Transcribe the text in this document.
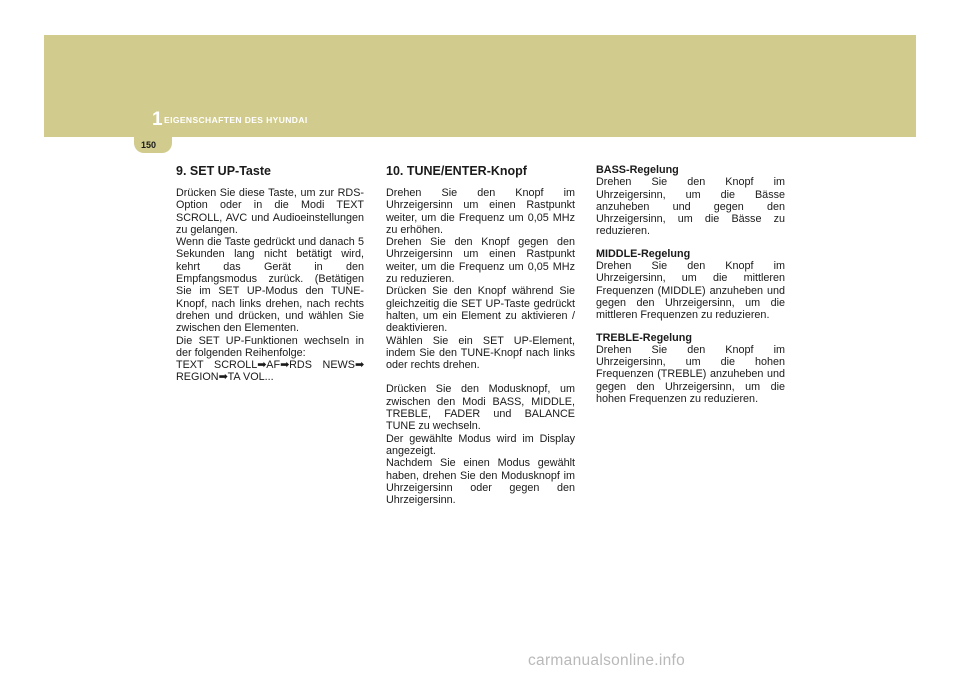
1 EIGENSCHAFTEN DES HYUNDAI
150
9. SET UP-Taste
Drücken Sie diese Taste, um zur RDS-Option oder in die Modi TEXT SCROLL, AVC und Audioeinstellungen zu gelangen.
Wenn die Taste gedrückt und danach 5 Sekunden lang nicht betätigt wird, kehrt das Gerät in den Empfangsmodus zurück. (Betätigen Sie im SET UP-Modus den TUNE-Knopf, nach links drehen, nach rechts drehen und drücken, und wählen Sie zwischen den Elementen.
Die SET UP-Funktionen wechseln in der folgenden Reihenfolge:
TEXT SCROLL➡AF➡RDS NEWS➡ REGION➡TA VOL...
10. TUNE/ENTER-Knopf
Drehen Sie den Knopf im Uhrzeigersinn um einen Rastpunkt weiter, um die Frequenz um 0,05 MHz zu erhöhen.
Drehen Sie den Knopf gegen den Uhrzeigersinn um einen Rastpunkt weiter, um die Frequenz um 0,05 MHz zu reduzieren.
Drücken Sie den Knopf während Sie gleichzeitig die SET UP-Taste gedrückt halten, um ein Element zu aktivieren / deaktivieren.
Wählen Sie ein SET UP-Element, indem Sie den TUNE-Knopf nach links oder rechts drehen.
Drücken Sie den Modusknopf, um zwischen den Modi BASS, MIDDLE, TREBLE, FADER und BALANCE TUNE zu wechseln.
Der gewählte Modus wird im Display angezeigt.
Nachdem Sie einen Modus gewählt haben, drehen Sie den Modusknopf im Uhrzeigersinn oder gegen den Uhrzeigersinn.
BASS-Regelung
Drehen Sie den Knopf im Uhrzeigersinn, um die Bässe anzuheben und gegen den Uhrzeigersinn, um die Bässe zu reduzieren.
MIDDLE-Regelung
Drehen Sie den Knopf im Uhrzeigersinn, um die mittleren Frequenzen (MIDDLE) anzuheben und gegen den Uhrzeigersinn, um die mittleren Frequenzen zu reduzieren.
TREBLE-Regelung
Drehen Sie den Knopf im Uhrzeigersinn, um die hohen Frequenzen (TREBLE) anzuheben und gegen den Uhrzeigersinn, um die hohen Frequenzen zu reduzieren.
carmanualsonline.info
